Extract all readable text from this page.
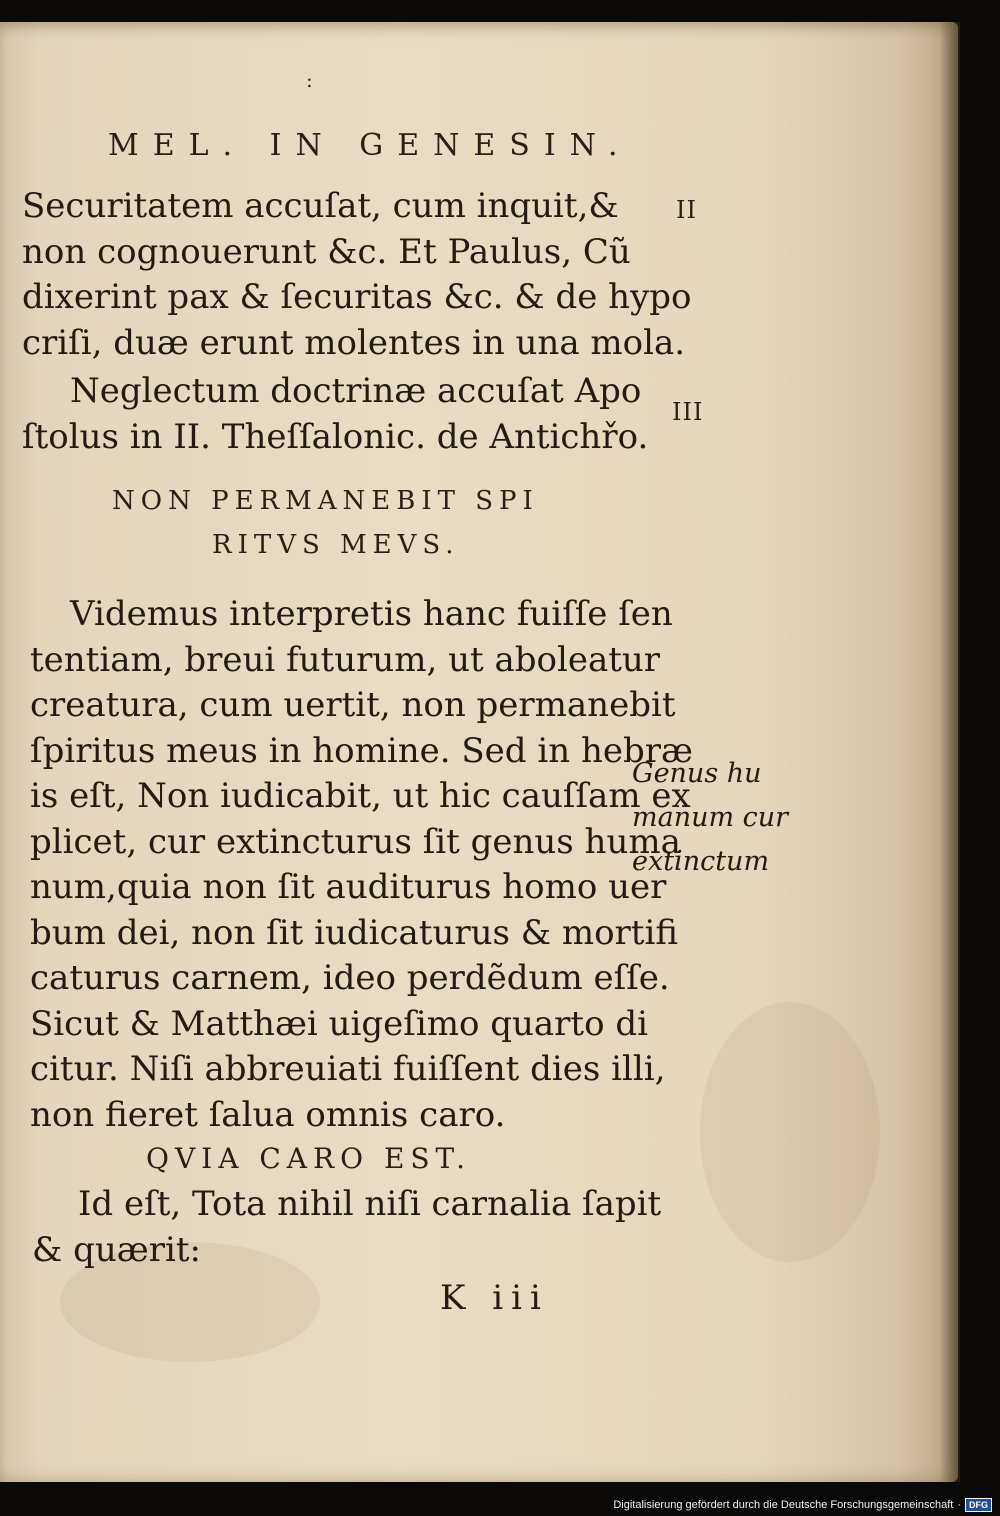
:
MEL. IN GENESIN.
Securitatem accuſat, cum inquit,&
non cognouerunt &c. Et Paulus, Cũ
dixerint pax & ſecuritas &c. & de hypo
criſi, duæ erunt molentes in una mola.
II
Neglectum doctrinæ accuſat Apo
ſtolus in II. Theſſalonic. de Antichřo.
III
NON PERMANEBIT SPI
RITVS MEVS.
Videmus interpretis hanc fuiſſe ſen
tentiam, breui futurum, ut aboleatur
creatura, cum uertit, non permanebit
ſpiritus meus in homine. Sed in hebræ
is eſt, Non iudicabit, ut hic cauſſam ex
plicet, cur extincturus ſit genus huma
num,quia non ſit auditurus homo uer
bum dei, non ſit iudicaturus & mortifi
caturus carnem, ideo perdẽdum eſſe.
Sicut & Matthæi uigeſimo quarto di
citur. Niſi abbreuiati fuiſſent dies illi,
non fieret ſalua omnis caro.
Genus hu
manum cur
extinctum
QVIA CARO EST.
Id eſt, Tota nihil niſi carnalia ſapit
& quærit:
K iii
Digitalisierung gefördert durch die Deutsche Forschungsgemeinschaft · DFG
